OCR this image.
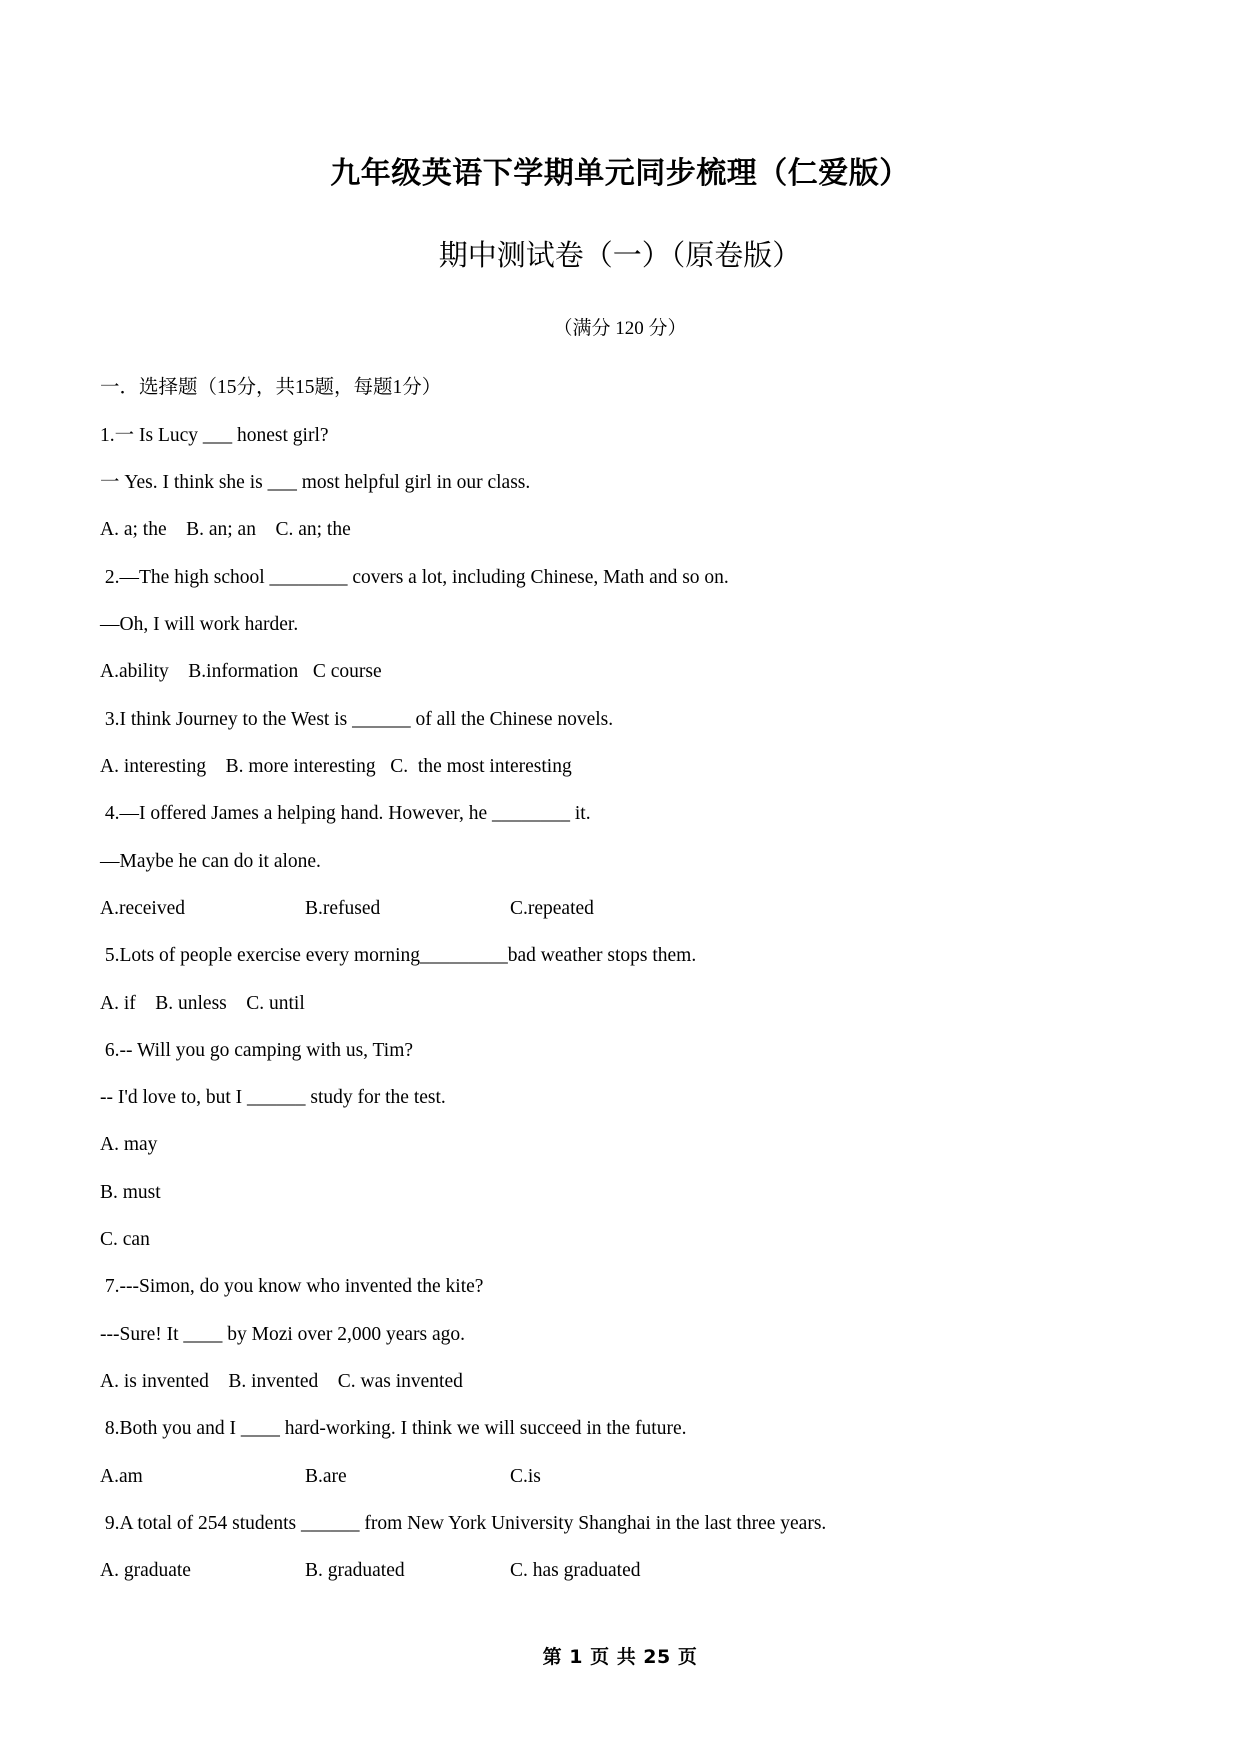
九年级英语下学期单元同步梳理（仁爱版）
期中测试卷（一）（原卷版）

（满分 120 分）

一．选择题（15分，共15题，每题1分）

1.一 Is Lucy ___ honest girl?

一 Yes. I think she is ___ most helpful girl in our class.

A. a; the    B. an; an    C. an; the

2.—The high school ________ covers a lot, including Chinese, Math and so on.

—Oh, I will work harder.

A.ability    B.information   C course

3.I think Journey to the West is ______ of all the Chinese novels.

A. interesting    B. more interesting   C.  the most interesting

4.—I offered James a helping hand. However, he ________ it.

—Maybe he can do it alone.

A.received	B.refused	C.repeated

5.Lots of people exercise every morning_________bad weather stops them.

A. if    B. unless    C. until

6.-- Will you go camping with us, Tim?

-- I'd love to, but I ______ study for the test.

A. may

B. must

C. can

7.---Simon, do you know who invented the kite?

---Sure! It ____ by Mozi over 2,000 years ago.

A. is invented    B. invented    C. was invented

8.Both you and I ____ hard-working. I think we will succeed in the future.

A.am	B.are	C.is

9.A total of 254 students ______ from New York University Shanghai in the last three years.

A. graduate	B. graduated	C. has graduated

第 1 页 共 25 页
